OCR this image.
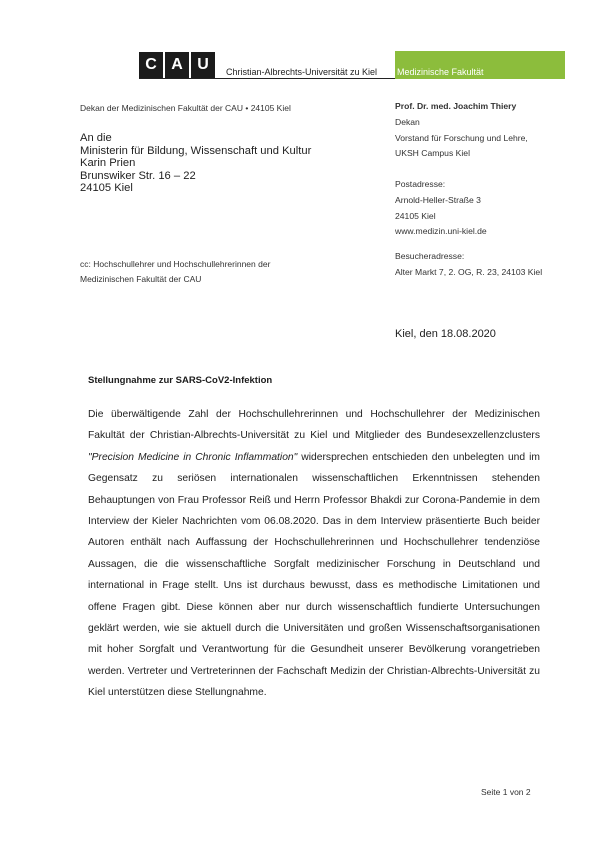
C A U	Christian-Albrechts-Universität zu Kiel Medizinische Fakultät
Dekan der Medizinischen Fakultät der CAU • 24105 Kiel
An die
Ministerin für Bildung, Wissenschaft und Kultur
Karin Prien
Brunswiker Str. 16 – 22
24105 Kiel
cc: Hochschullehrer und Hochschullehrerinnen der
Medizinischen Fakultät der CAU
Prof. Dr. med. Joachim Thiery
Dekan
Vorstand für Forschung und Lehre,
UKSH Campus Kiel
Postadresse:
Arnold-Heller-Straße 3
24105 Kiel
www.medizin.uni-kiel.de
Besucheradresse:
Alter Markt 7, 2. OG, R. 23, 24103 Kiel
Kiel, den 18.08.2020
Stellungnahme zur SARS-CoV2-Infektion
Die überwältigende Zahl der Hochschullehrerinnen und Hochschullehrer der Medizinischen Fakultät der Christian-Albrechts-Universität zu Kiel und Mitglieder des Bundesexzellenzclusters "Precision Medicine in Chronic Inflammation" widersprechen entschieden den unbelegten und im Gegensatz zu seriösen internationalen wissenschaftlichen Erkenntnissen stehenden Behauptungen von Frau Professor Reiß und Herrn Professor Bhakdi zur Corona-Pandemie in dem Interview der Kieler Nachrichten vom 06.08.2020. Das in dem Interview präsentierte Buch beider Autoren enthält nach Auffassung der Hochschullehrerinnen und Hochschullehrer tendenziöse Aussagen, die die wissenschaftliche Sorgfalt medizinischer Forschung in Deutschland und international in Frage stellt. Uns ist durchaus bewusst, dass es methodische Limitationen und offene Fragen gibt. Diese können aber nur durch wissenschaftlich fundierte Untersuchungen geklärt werden, wie sie aktuell durch die Universitäten und großen Wissenschaftsorganisationen mit hoher Sorgfalt und Verantwortung für die Gesundheit unserer Bevölkerung vorangetrieben werden. Vertreter und Vertreterinnen der Fachschaft Medizin der Christian-Albrechts-Universität zu Kiel unterstützen diese Stellungnahme.
Seite 1 von 2
